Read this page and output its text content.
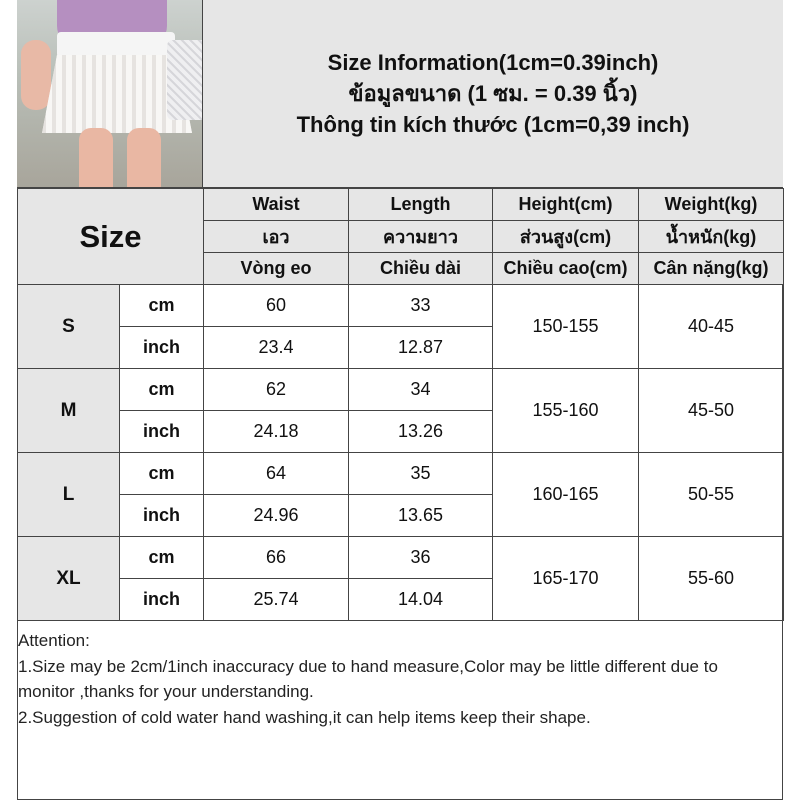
Size Information(1cm=0.39inch)
ข้อมูลขนาด (1 ซม. = 0.39 นิ้ว)
Thông tin kích thước (1cm=0,39 inch)
Size		Waist	Length	Height(cm)	Weight(kg)
		เอว	ความยาว	ส่วนสูง(cm)	น้ำหนัก(kg)
		Vòng eo	Chiều dài	Chiều cao(cm)	Cân nặng(kg)
S	cm	60	33	150-155	40-45
	inch	23.4	12.87		
M	cm	62	34	155-160	45-50
	inch	24.18	13.26		
L	cm	64	35	160-165	50-55
	inch	24.96	13.65		
XL	cm	66	36	165-170	55-60
	inch	25.74	14.04		
Attention:
1.Size may be 2cm/1inch inaccuracy due to hand measure,Color may be little different due to monitor ,thanks for your understanding.
2.Suggestion of cold water hand washing,it can help items keep their shape.
